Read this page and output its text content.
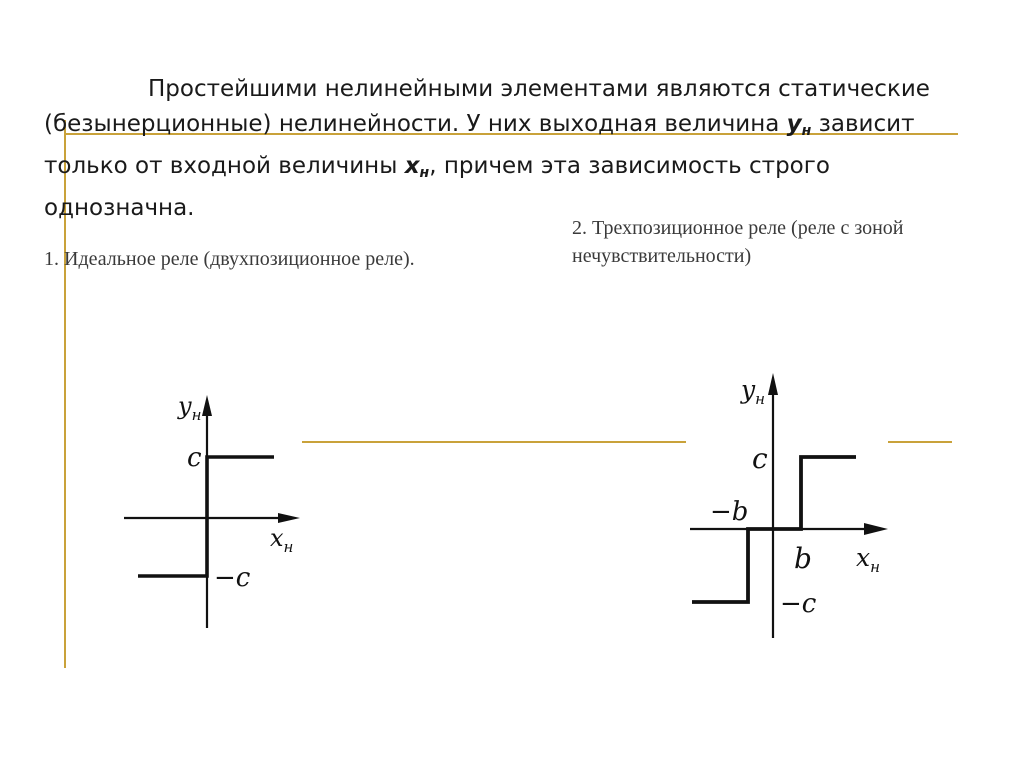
Простейшими нелинейными элементами являются статические
(безынерционные) нелинейности. У них выходная величина $y_н$ зависит
только от входной величины $x_н$, причем эта зависимость строго
однозначна.
1. Идеальное реле (двухпозиционное реле).
2. Трехпозиционное реле (реле с зоной нечувствительности)
$y_н$
c
$x_н$
−c
$y_н$
c
−b
b $x_н$
−c
